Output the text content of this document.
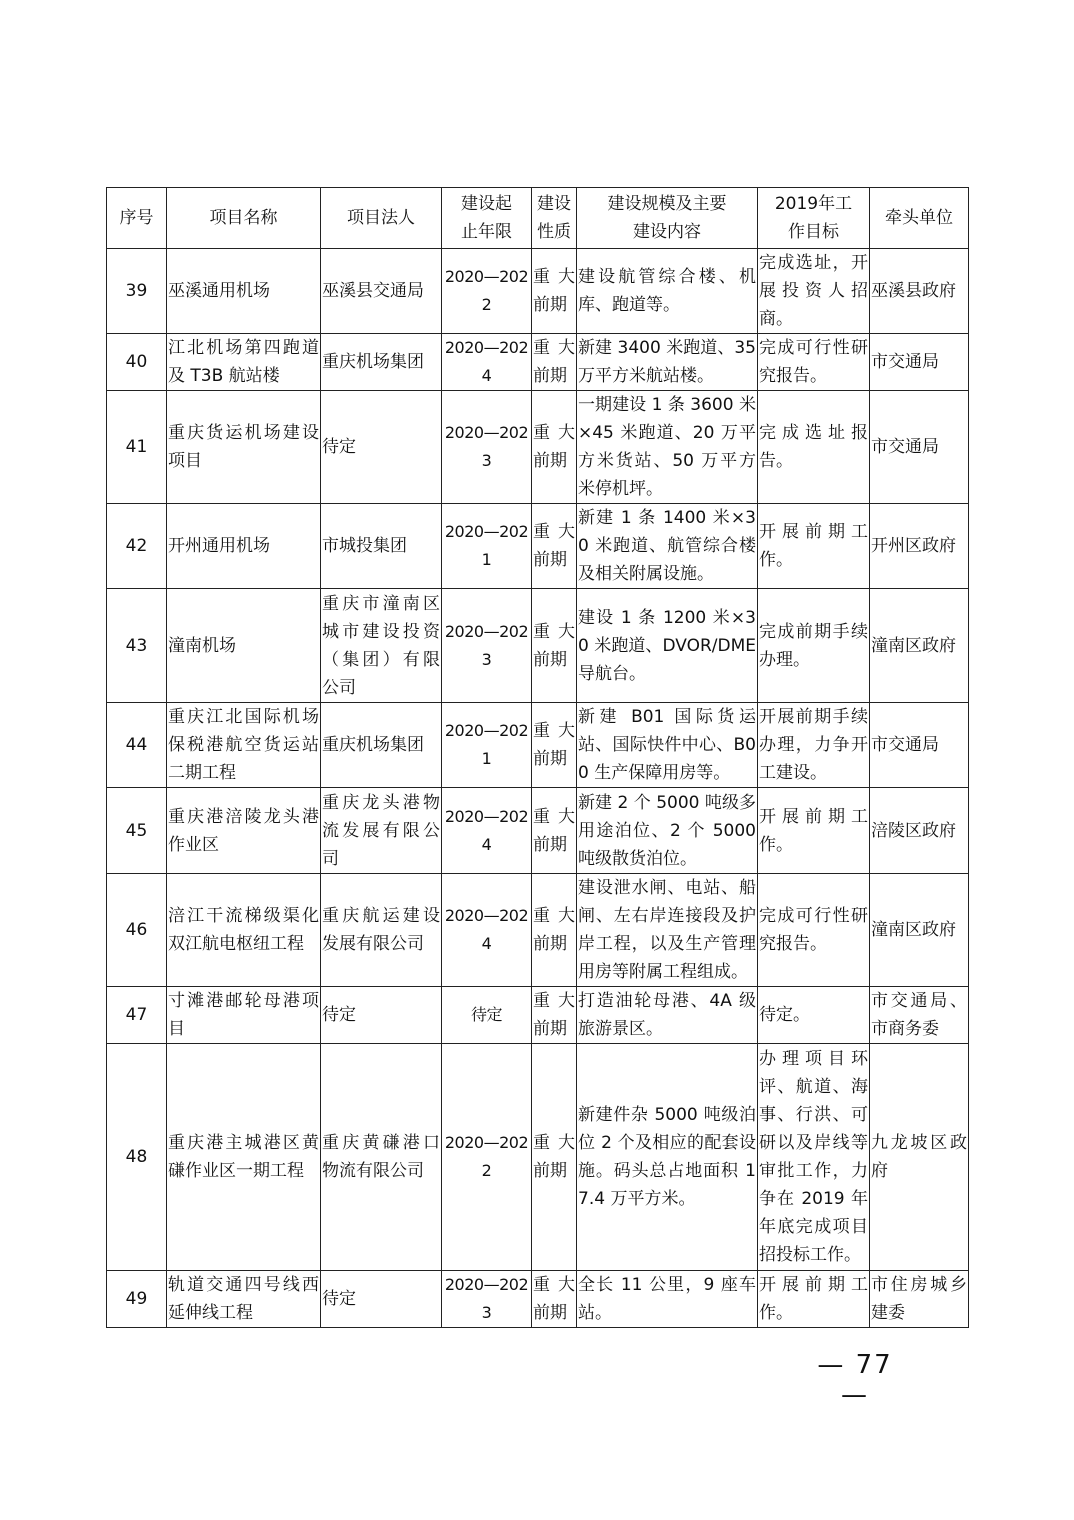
序号	项目名称	项目法人	建设起止年限	建设性质	建设规模及主要建设内容	2019年工作目标	牵头单位
39	巫溪通用机场	巫溪县交通局	2020—2022	重大前期	建设航管综合楼、机库、跑道等。	完成选址，开展投资人招商。	巫溪县政府
40	江北机场第四跑道及 T3B 航站楼	重庆机场集团	2020—2024	重大前期	新建 3400 米跑道、35 万平方米航站楼。	完成可行性研究报告。	市交通局
41	重庆货运机场建设项目	待定	2020—2023	重大前期	一期建设 1 条 3600 米×45 米跑道、20 万平方米货站、50 万平方米停机坪。	完成选址报告。	市交通局
42	开州通用机场	市城投集团	2020—2021	重大前期	新建 1 条 1400 米×30 米跑道、航管综合楼及相关附属设施。	开展前期工作。	开州区政府
43	潼南机场	重庆市潼南区城市建设投资（集团）有限公司	2020—2023	重大前期	建设 1 条 1200 米×30 米跑道、DVOR/DME 导航台。	完成前期手续办理。	潼南区政府
44	重庆江北国际机场保税港航空货运站二期工程	重庆机场集团	2020—2021	重大前期	新建 B01 国际货运站、国际快件中心、B00 生产保障用房等。	开展前期手续办理，力争开工建设。	市交通局
45	重庆港涪陵龙头港作业区	重庆龙头港物流发展有限公司	2020—2024	重大前期	新建 2 个 5000 吨级多用途泊位、2 个 5000 吨级散货泊位。	开展前期工作。	涪陵区政府
46	涪江干流梯级渠化双江航电枢纽工程	重庆航运建设发展有限公司	2020—2024	重大前期	建设泄水闸、电站、船闸、左右岸连接段及护岸工程，以及生产管理用房等附属工程组成。	完成可行性研究报告。	潼南区政府
47	寸滩港邮轮母港项目	待定	待定	重大前期	打造油轮母港、4A 级旅游景区。	待定。	市交通局、市商务委
48	重庆港主城港区黄磏作业区一期工程	重庆黄磏港口物流有限公司	2020—2022	重大前期	新建件杂 5000 吨级泊位 2 个及相应的配套设施。码头总占地面积 17.4 万平方米。	办理项目环评、航道、海事、行洪、可研以及岸线等审批工作，力争在 2019 年年底完成项目招投标工作。	九龙坡区政府
49	轨道交通四号线西延伸线工程	待定	2020—2023	重大前期	全长 11 公里，9 座车站。	开展前期工作。	市住房城乡建委
— 77 —
